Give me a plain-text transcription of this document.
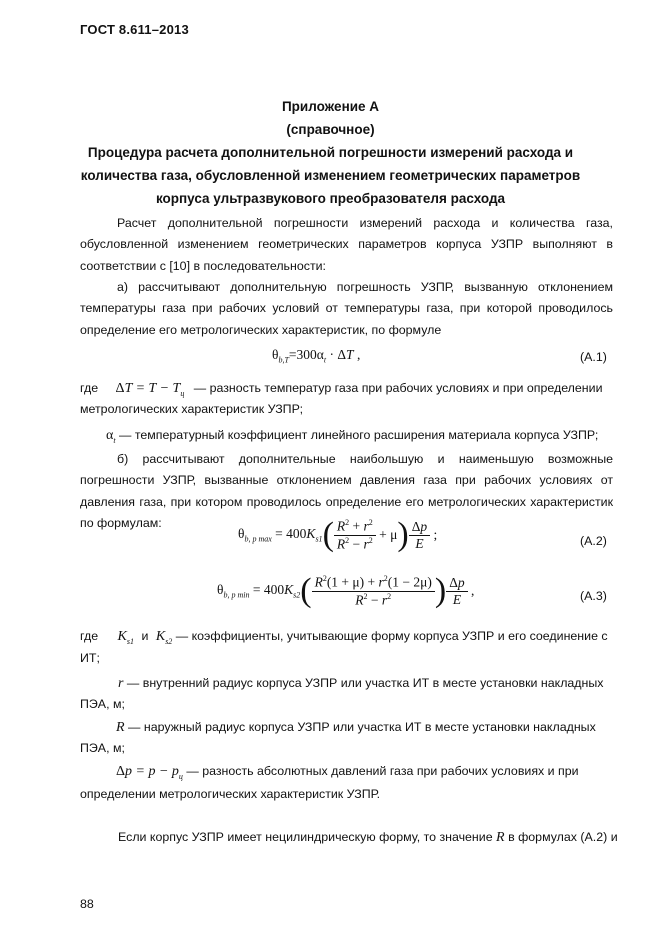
ГОСТ 8.611–2013
Приложение А
(справочное)
Процедура расчета дополнительной погрешности измерений расхода и
количества газа, обусловленной изменением геометрических параметров
корпуса ультразвукового преобразователя расхода
Расчет дополнительной погрешности измерений расхода и количества газа, обусловленной изменением геометрических параметров корпуса УЗПР выполняют в соответствии с [10] в последовательности:
а) рассчитывают дополнительную погрешность УЗПР, вызванную отклонением температуры газа при рабочих условий от температуры газа, при которой проводилось определение его метрологических характеристик, по формуле
$\theta_{b,T}=300\alpha_t \cdot \Delta T$ ,	(А.1)
где $\Delta T = T - T_ц$ — разность температур газа при рабочих условиях и при определении
метрологических характеристик УЗПР;
$\alpha_t$ — температурный коэффициент линейного расширения материала корпуса УЗПР;
б) рассчитывают дополнительные наибольшую и наименьшую возможные погрешности УЗПР, вызванные отклонением давления газа при рабочих условиях от давления газа, при котором проводилось определение его метрологических характеристик по формулам:
$\theta_{b, p max} = 400K_{s1}( \frac{R^2 + r^2}{R^2 - r^2} + \mu) \frac{\Delta p}{E}$ ;	(А.2)
$\theta_{b, p min} = 400K_{s2}( \frac{R^2(1 + \mu) + r^2(1 - 2\mu)}{R^2 - r^2}$ ) $\frac{\Delta p}{E}$ ,	(А.3)
где $K_{s1}$ и $K_{s2}$ — коэффициенты, учитывающие форму корпуса УЗПР и его соединение с
ИТ;
r — внутренний радиус корпуса УЗПР или участка ИТ в месте установки накладных
ПЭА, м;
R — наружный радиус корпуса УЗПР или участка ИТ в месте установки накладных
ПЭА, м;
$\Delta p = p - p_ц$ — разность абсолютных давлений газа при рабочих условиях и при
определении метрологических характеристик УЗПР.
Если корпус УЗПР имеет нецилиндрическую форму, то значение R в формулах (А.2) и
88
